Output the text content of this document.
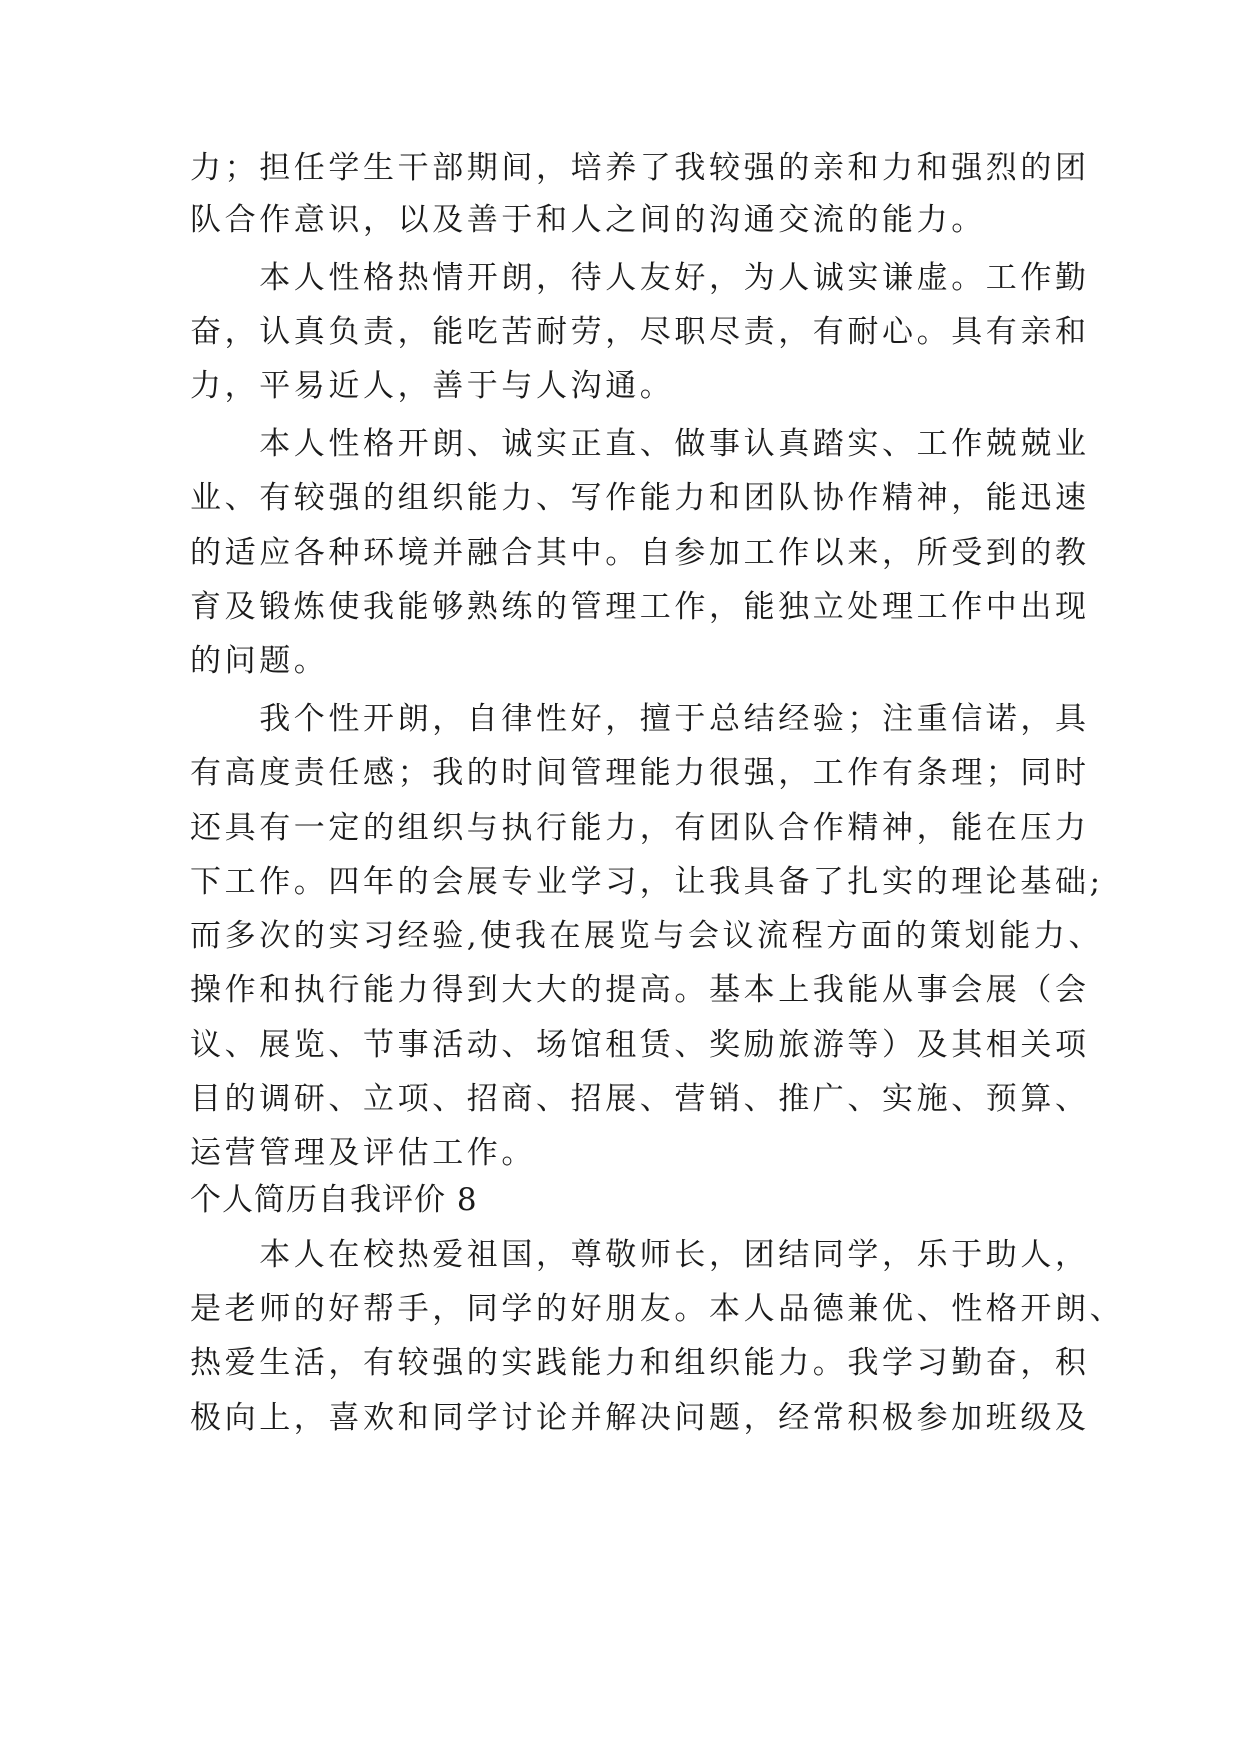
力；担任学生干部期间，培养了我较强的亲和力和强烈的团
队合作意识，以及善于和人之间的沟通交流的能力。
　　本人性格热情开朗，待人友好，为人诚实谦虚。工作勤
奋，认真负责，能吃苦耐劳，尽职尽责，有耐心。具有亲和
力，平易近人，善于与人沟通。
　　本人性格开朗、诚实正直、做事认真踏实、工作兢兢业
业、有较强的组织能力、写作能力和团队协作精神，能迅速
的适应各种环境并融合其中。自参加工作以来，所受到的教
育及锻炼使我能够熟练的管理工作，能独立处理工作中出现
的问题。
　　我个性开朗，自律性好，擅于总结经验；注重信诺，具
有高度责任感；我的时间管理能力很强，工作有条理；同时
还具有一定的组织与执行能力，有团队合作精神，能在压力
下工作。四年的会展专业学习，让我具备了扎实的理论基础;
而多次的实习经验,使我在展览与会议流程方面的策划能力、
操作和执行能力得到大大的提高。基本上我能从事会展（会
议、展览、节事活动、场馆租赁、奖励旅游等）及其相关项
目的调研、立项、招商、招展、营销、推广、实施、预算、
运营管理及评估工作。
个人简历自我评价 8
　　本人在校热爱祖国，尊敬师长，团结同学，乐于助人，
是老师的好帮手，同学的好朋友。本人品德兼优、性格开朗、
热爱生活，有较强的实践能力和组织能力。我学习勤奋，积
极向上，喜欢和同学讨论并解决问题，经常积极参加班级及
